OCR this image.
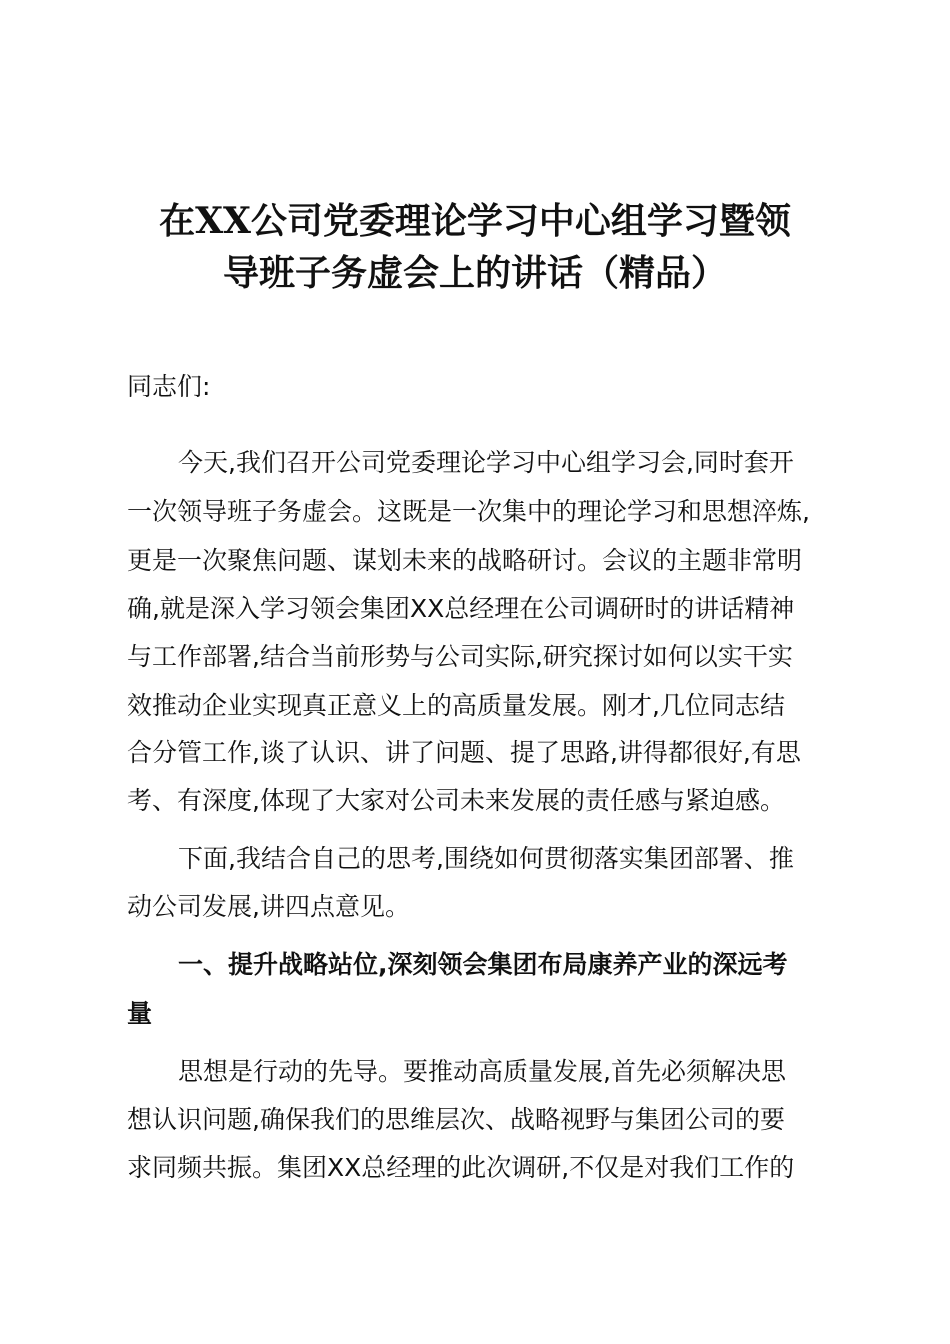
在XX公司党委理论学习中心组学习暨领
导班子务虚会上的讲话（精品）
同志们:
今天,我们召开公司党委理论学习中心组学习会,同时套开
一次领导班子务虚会。这既是一次集中的理论学习和思想淬炼,
更是一次聚焦问题、谋划未来的战略研讨。会议的主题非常明
确,就是深入学习领会集团XX总经理在公司调研时的讲话精神
与工作部署,结合当前形势与公司实际,研究探讨如何以实干实
效推动企业实现真正意义上的高质量发展。刚才,几位同志结
合分管工作,谈了认识、讲了问题、提了思路,讲得都很好,有思
考、有深度,体现了大家对公司未来发展的责任感与紧迫感。
下面,我结合自己的思考,围绕如何贯彻落实集团部署、推
动公司发展,讲四点意见。
一、提升战略站位,深刻领会集团布局康养产业的深远考
量
思想是行动的先导。要推动高质量发展,首先必须解决思
想认识问题,确保我们的思维层次、战略视野与集团公司的要
求同频共振。集团XX总经理的此次调研,不仅是对我们工作的
